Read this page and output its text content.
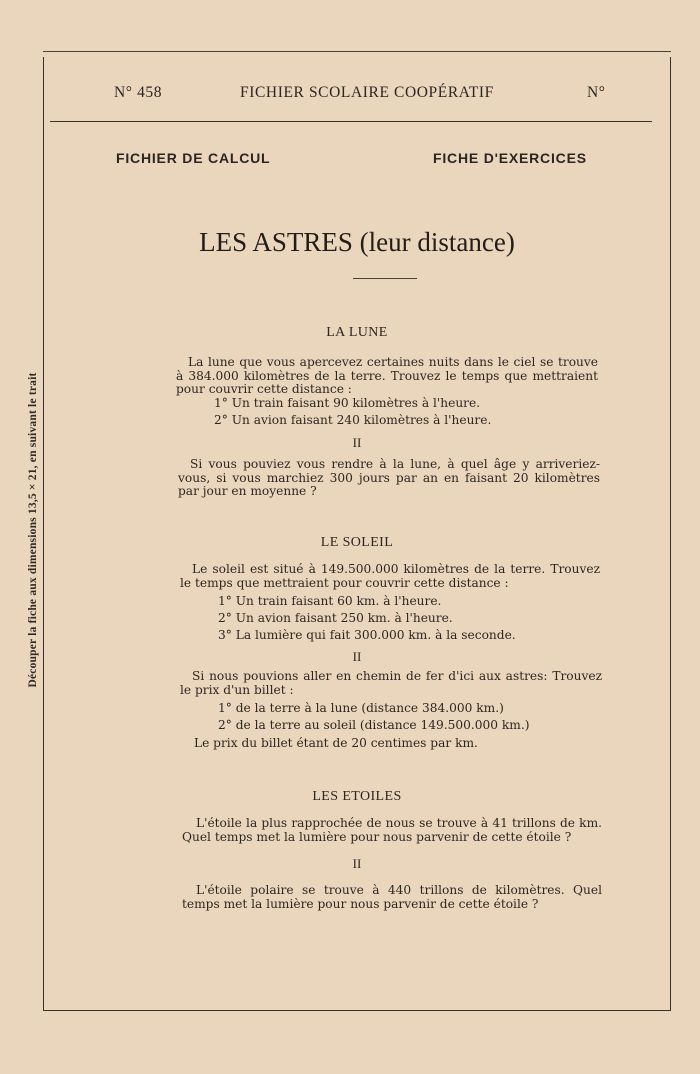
Découper la fiche aux dimensions 13,5 × 21, en suivant le trait
N° 458	FICHIER SCOLAIRE COOPÉRATIF	N°
FICHIER DE CALCUL	FICHE D'EXERCICES
LES ASTRES (leur distance)
LA LUNE
La lune que vous apercevez certaines nuits dans le ciel se trouve à 384.000 kilomètres de la terre. Trouvez le temps que mettraient pour couvrir cette distance :
1° Un train faisant 90 kilomètres à l'heure.
2° Un avion faisant 240 kilomètres à l'heure.
II
Si vous pouviez vous rendre à la lune, à quel âge y arriveriez-vous, si vous marchiez 300 jours par an en faisant 20 kilomètres par jour en moyenne ?
LE SOLEIL
Le soleil est situé à 149.500.000 kilomètres de la terre. Trouvez le temps que mettraient pour couvrir cette distance :
1° Un train faisant 60 km. à l'heure.
2° Un avion faisant 250 km. à l'heure.
3° La lumière qui fait 300.000 km. à la seconde.
II
Si nous pouvions aller en chemin de fer d'ici aux astres: Trouvez le prix d'un billet :
1° de la terre à la lune (distance 384.000 km.)
2° de la terre au soleil (distance 149.500.000 km.)
Le prix du billet étant de 20 centimes par km.
LES ETOILES
L'étoile la plus rapprochée de nous se trouve à 41 trillons de km. Quel temps met la lumière pour nous parvenir de cette étoile ?
II
L'étoile polaire se trouve à 440 trillons de kilomètres. Quel temps met la lumière pour nous parvenir de cette étoile ?
